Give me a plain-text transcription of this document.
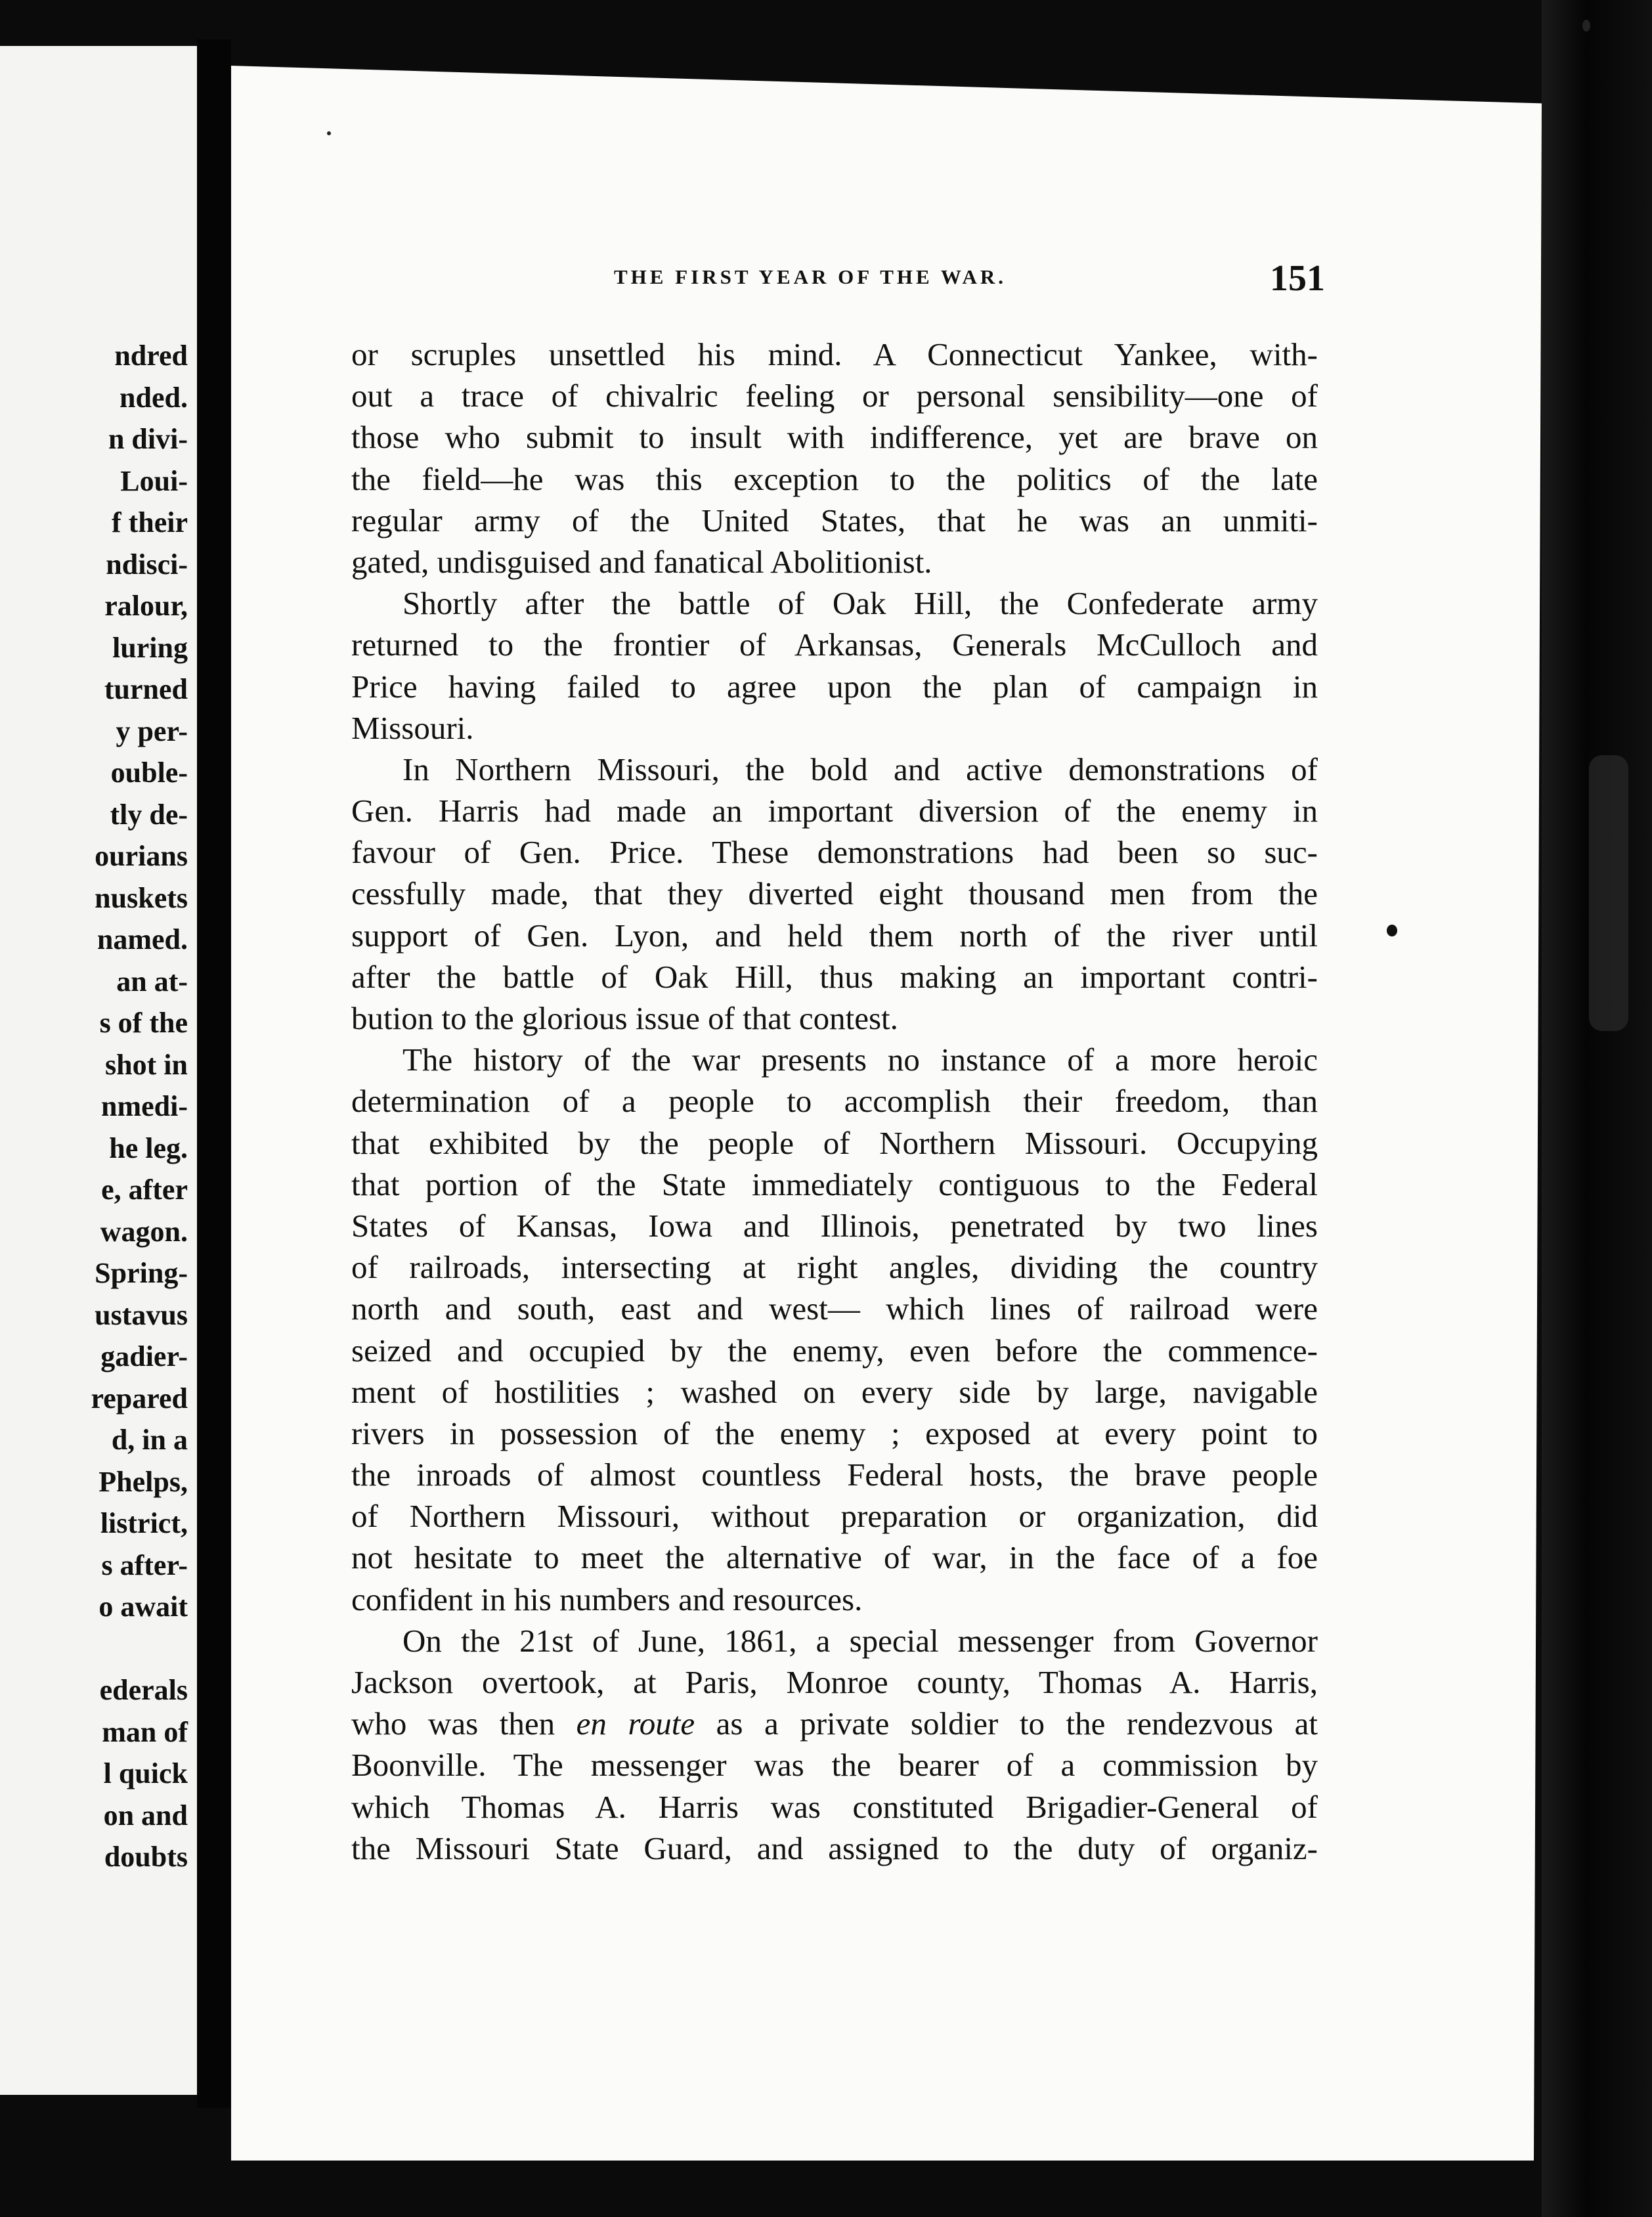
ndred
nded.
n divi-
Loui-
f their
ndisci-
ralour,
luring
turned
y per-
ouble-
tly de-
ourians
nuskets
named.
an at-
s of the
shot in
nmedi-
he leg.
e, after
wagon.
Spring-
ustavus
gadier-
repared
d, in a
Phelps,
listrict,
s after-
o await
ederals
man of
l quick
on and
doubts
THE FIRST YEAR OF THE WAR.	151
or scruples unsettled his mind. A Connecticut Yankee, with-
out a trace of chivalric feeling or personal sensibility—one of
those who submit to insult with indifference, yet are brave on
the field—he was this exception to the politics of the late
regular army of the United States, that he was an unmiti-
gated, undisguised and fanatical Abolitionist.
Shortly after the battle of Oak Hill, the Confederate army
returned to the frontier of Arkansas, Generals McCulloch and
Price having failed to agree upon the plan of campaign in
Missouri.
In Northern Missouri, the bold and active demonstrations of
Gen. Harris had made an important diversion of the enemy in
favour of Gen. Price. These demonstrations had been so suc-
cessfully made, that they diverted eight thousand men from the
support of Gen. Lyon, and held them north of the river until
after the battle of Oak Hill, thus making an important contri-
bution to the glorious issue of that contest.
The history of the war presents no instance of a more heroic
determination of a people to accomplish their freedom, than
that exhibited by the people of Northern Missouri. Occupying
that portion of the State immediately contiguous to the Federal
States of Kansas, Iowa and Illinois, penetrated by two lines
of railroads, intersecting at right angles, dividing the country
north and south, east and west— which lines of railroad were
seized and occupied by the enemy, even before the commence-
ment of hostilities ; washed on every side by large, navigable
rivers in possession of the enemy ; exposed at every point to
the inroads of almost countless Federal hosts, the brave people
of Northern Missouri, without preparation or organization, did
not hesitate to meet the alternative of war, in the face of a foe
confident in his numbers and resources.
On the 21st of June, 1861, a special messenger from Governor
Jackson overtook, at Paris, Monroe county, Thomas A. Harris,
who was then en route as a private soldier to the rendezvous at
Boonville. The messenger was the bearer of a commission by
which Thomas A. Harris was constituted Brigadier-General of
the Missouri State Guard, and assigned to the duty of organiz-
